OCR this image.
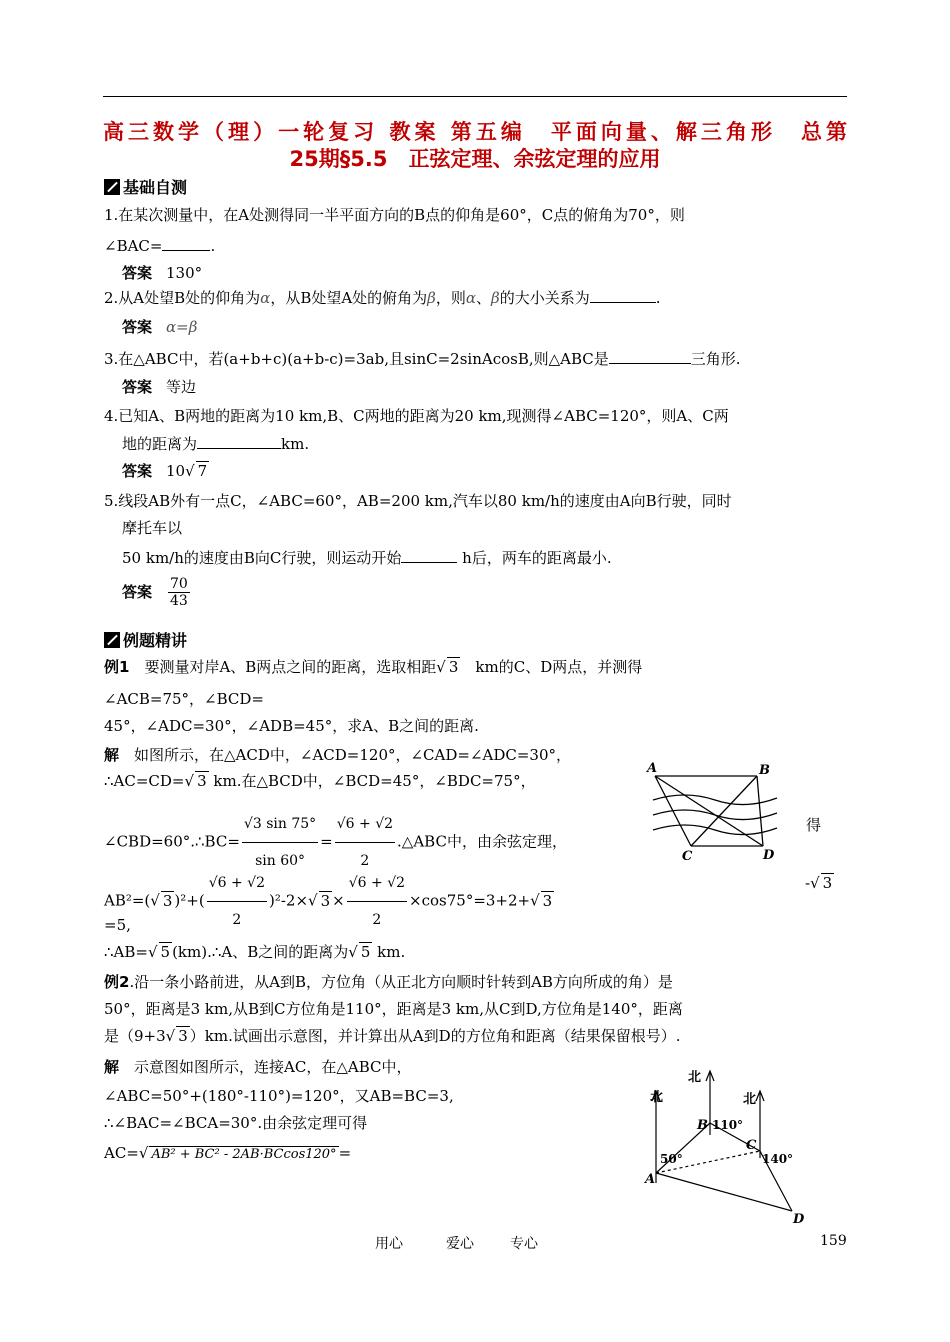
高三数学（理）一轮复习 教案 第五编　平面向量、解三角形　总第
25期§5.5　正弦定理、余弦定理的应用
基础自测
1.在某次测量中，在A处测得同一半平面方向的B点的仰角是60°，C点的俯角为70°，则
∠BAC=	.
答案 130°
2.从A处望B处的仰角为α，从B处望A处的俯角为β，则α、β的大小关系为	.
答案 α=β
3.在△ABC中，若(a+b+c)(a+b-c)=3ab,且sinC=2sinAcosB,则△ABC是	三角形.
答案 等边
4.已知A、B两地的距离为10 km,B、C两地的距离为20 km,现测得∠ABC=120°，则A、C两
地的距离为	km.
答案 10√ 7
5.线段AB外有一点C，∠ABC=60°，AB=200 km,汽车以80 km/h的速度由A向B行驶，同时
摩托车以
50 km/h的速度由B向C行驶，则运动开始	h后，两车的距离最小.
答案 $\frac{70}{43}$
例题精讲
例1　要测量对岸A、B两点之间的距离，选取相距√ 3　km的C、D两点，并测得
∠ACB=75°，∠BCD=
45°，∠ADC=30°，∠ADB=45°，求A、B之间的距离.
解　如图所示，在△ACD中，∠ACD=120°，∠CAD=∠ADC=30°，
∴AC=CD=√ 3 km.在△BCD中，∠BCD=45°，∠BDC=75°，
∠CBD=60°.∴BC= $\frac{√3 \sin 75^\circ}{\sin 60^\circ} = \frac{√6 + √2}{2}$ .△ABC中，由余弦定理，
得
AB²=(√ 3 )$^2+( \frac{√6 + √2}{2} )^2-2\times√$ $3 \times \frac{√6 + √2}{2} \times\cos 75^\circ=3+2+√$ 3
-√ 3
=5,
∴AB=√ 5 (km).∴A、B之间的距离为√ 5 km.
A	B
C	D
例2.沿一条小路前进，从A到B，方位角（从正北方向顺时针转到AB方向所成的角）是
50°，距离是3 km,从B到C方位角是110°，距离是3 km,从C到D,方位角是140°，距离
是（9+3√ 3 ）km.试画出示意图，并计算出从A到D的方位角和距离（结果保留根号）.
解　示意图如图所示，连接AC，在△ABC中，
∠ABC=50°+(180°-110°)=120°，又AB=BC=3,
∴∠BAC=∠BCA=30°.由余弦定理可得
AC=√ AB² + BC² - 2AB·BCcos120° =
北
北
北
A
B
C
D
50°
110°
140°
用心	爱心	专心	159
